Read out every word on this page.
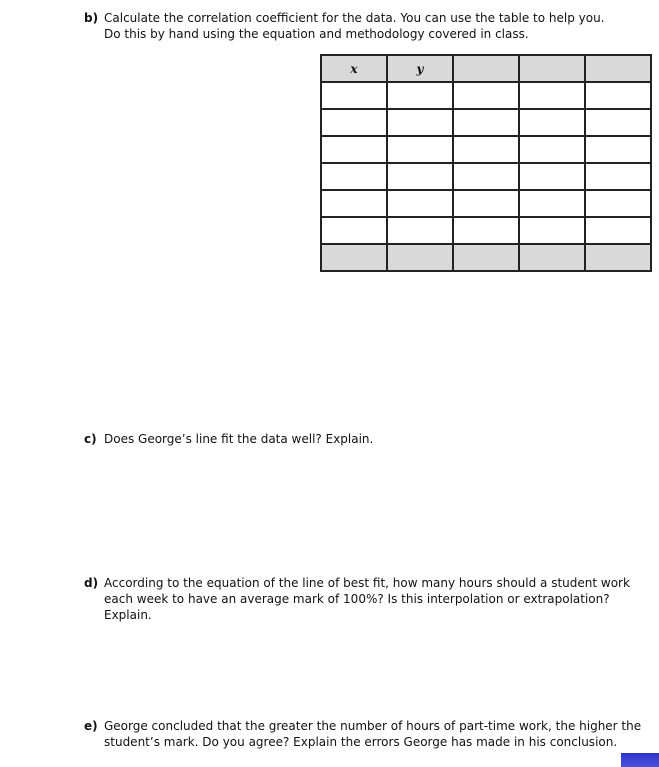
b) Calculate the correlation coefficient for the data. You can use the table to help you.
Do this by hand using the equation and methodology covered in class.
x	y			

c) Does George’s line fit the data well? Explain.
d) According to the equation of the line of best fit, how many hours should a student work
each week to have an average mark of 100%? Is this interpolation or extrapolation?
Explain.
e) George concluded that the greater the number of hours of part-time work, the higher the
student’s mark. Do you agree? Explain the errors George has made in his conclusion.
